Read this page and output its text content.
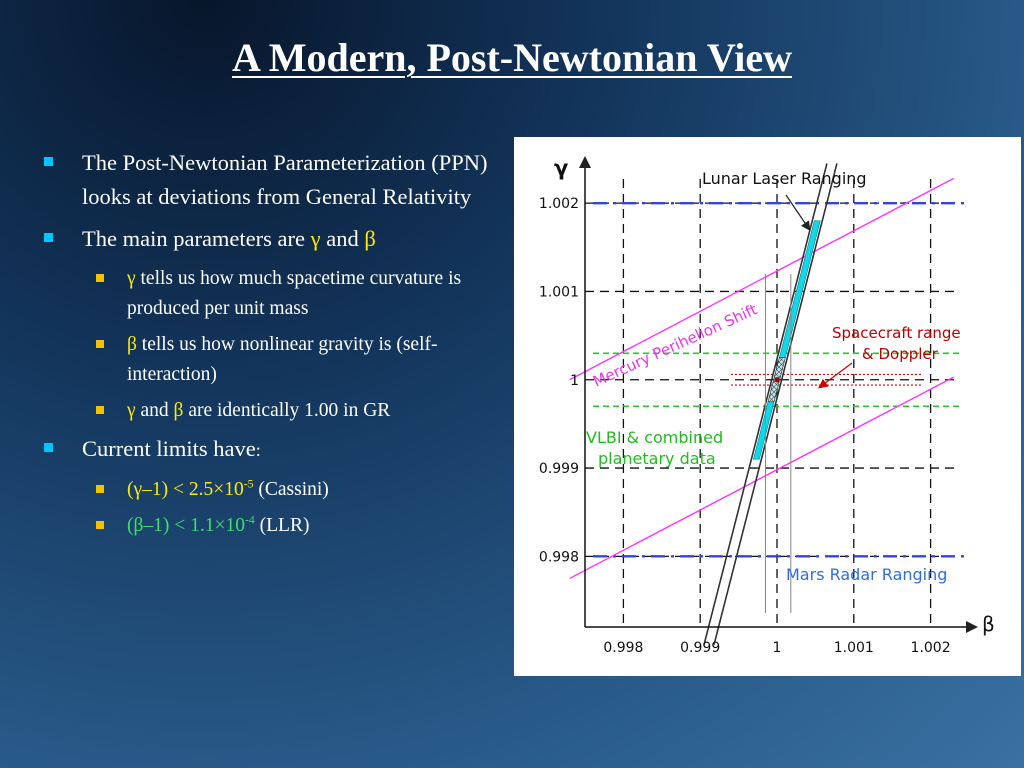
A Modern, Post-Newtonian View
The Post-Newtonian Parameterization (PPN) looks at deviations from General Relativity
The main parameters are γ and β
γ tells us how much spacetime curvature is produced per unit mass
β tells us how nonlinear gravity is (self-interaction)
γ and β are identically 1.00 in GR
Current limits have:
$(\gamma-1) < 2.5\times 10^{-5}$ (Cassini)
$(\beta-1) < 1.1\times 10^{-4}$ (LLR)
1.002
1.001
1
0.999
0.998
0.998	0.999	1	1.001	1.002
γ
β
Lunar Laser Ranging
Mercury Perihelion Shift	Spacecraft range
& Doppler
VLBI & combined
planetary data
Mars Radar Ranging
